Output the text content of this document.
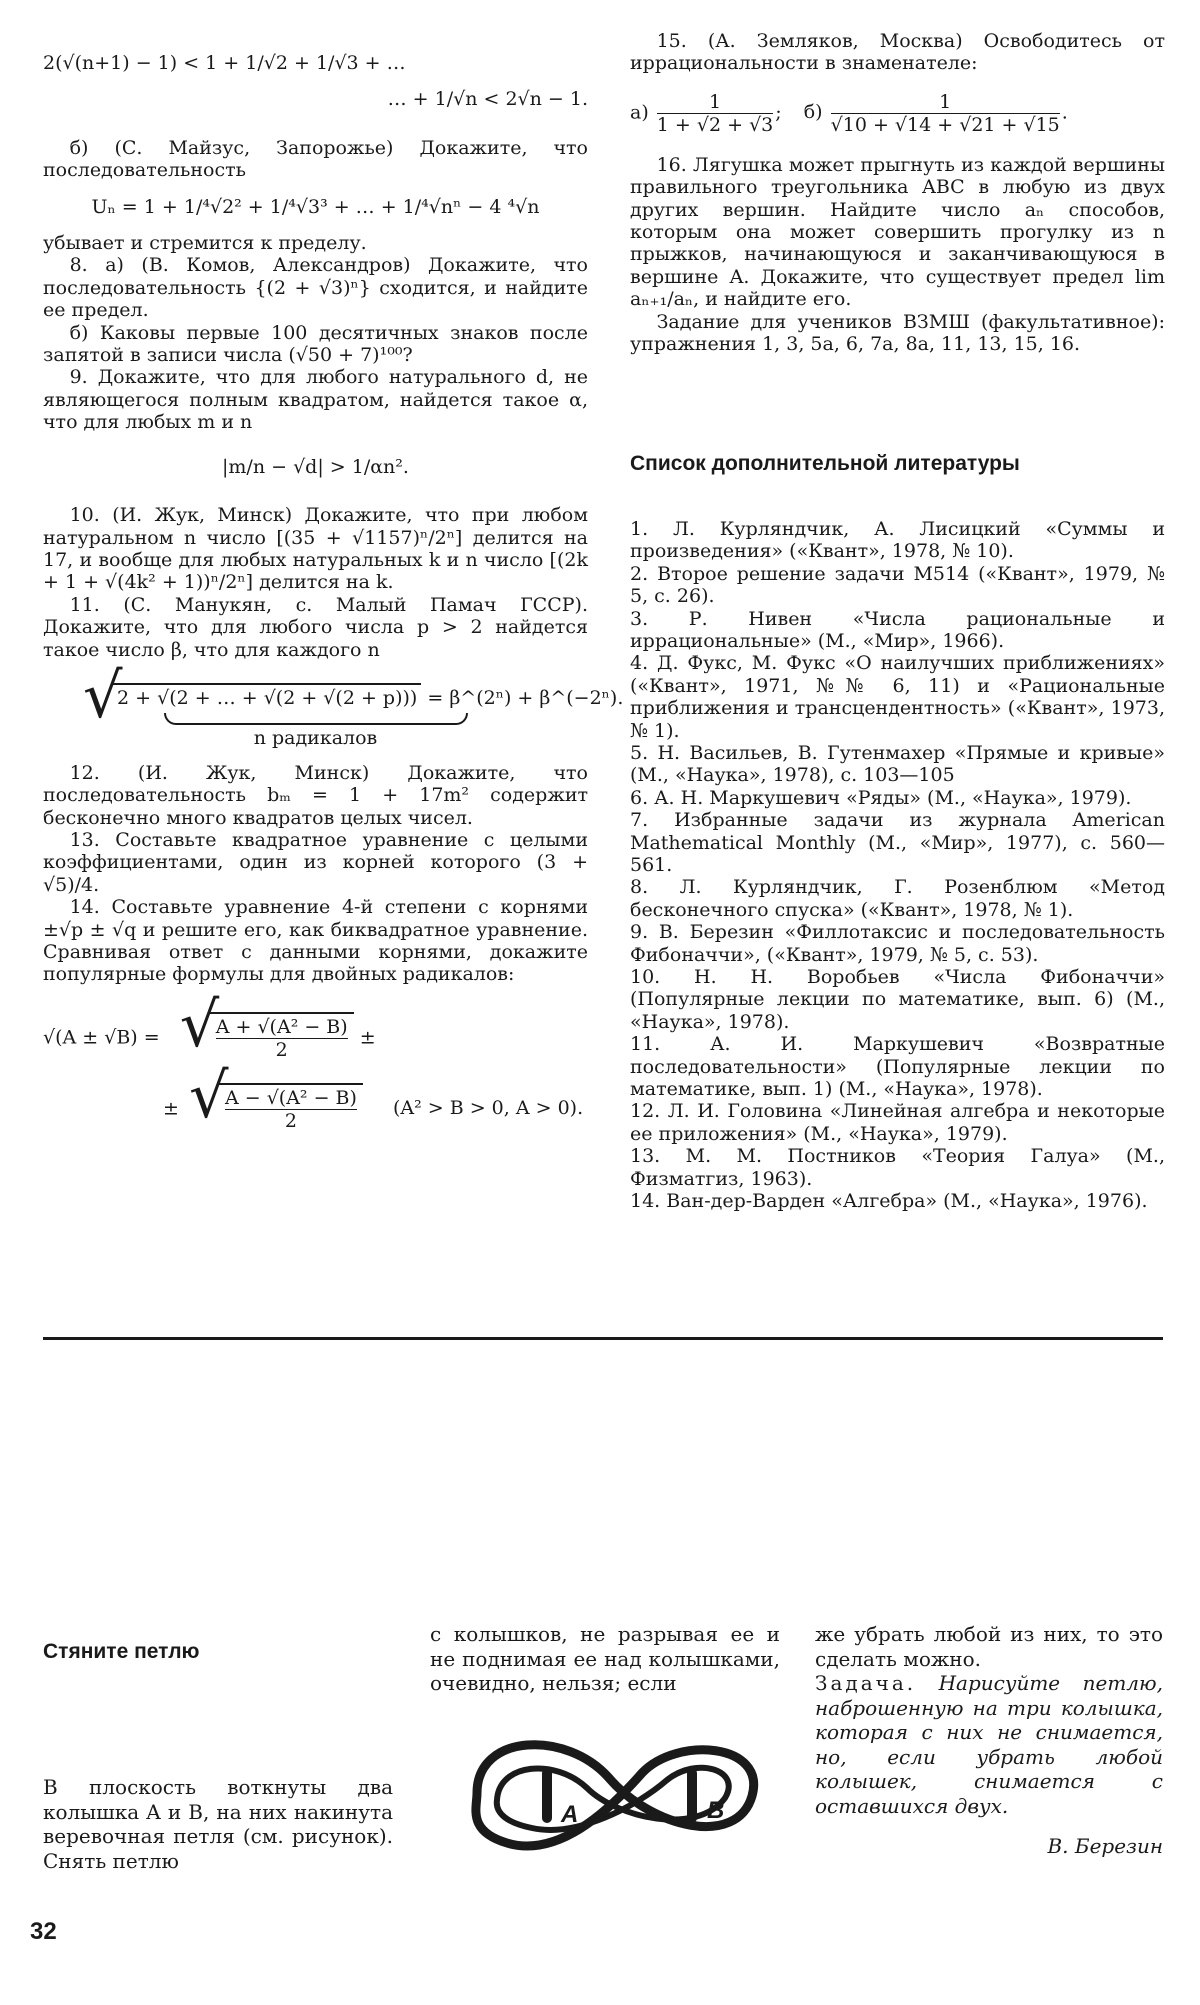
2(√(n+1) − 1) < 1 + 1/√2 + 1/√3 + …
… + 1/√n < 2√n − 1.

б) (С. Майзус, Запорожье) Докажите, что последовательность

Uₙ = 1 + 1/⁴√2² + 1/⁴√3³ + … + 1/⁴√nⁿ − 4 ⁴√n

убывает и стремится к пределу.

8. а) (В. Комов, Александров) Докажите, что последовательность {(2 + √3)ⁿ} сходится, и найдите ее предел.

б) Каковы первые 100 десятичных знаков после запятой в записи числа (√50 + 7)¹⁰⁰?

9. Докажите, что для любого натурального d, не являющегося полным квадратом, найдется такое α, что для любых m и n

|m/n − √d| > 1/αn².

10. (И. Жук, Минск) Докажите, что при любом натуральном n число [(35 + √1157)ⁿ/2ⁿ] делится на 17, и вообще для любых натуральных k и n число [(2k + 1 + √(4k² + 1))ⁿ/2ⁿ] делится на k.

11. (С. Манукян, с. Малый Памач ГССР). Докажите, что для любого числа p > 2 найдется такое число β, что для каждого n

√ 2 + √(2 + … + √(2 + √(2 + p))) = β^(2ⁿ) + β^(−2ⁿ).
n радикалов

12. (И. Жук, Минск) Докажите, что последовательность bₘ = 1 + 17m² содержит бесконечно много квадратов целых чисел.

13. Составьте квадратное уравнение с целыми коэффициентами, один из корней которого (3 + √5)/4.

14. Составьте уравнение 4-й степени с корнями ±√p ± √q и решите его, как биквадратное уравнение. Сравнивая ответ с данными корнями, докажите популярные формулы для двойных радикалов:

√(A ± √B) =	√ $\frac{\text{A + √(A² − B)}}{2}$ ±
± √ $\frac{\text{A − √(A² − B)}}{2} (A^2 > B > 0$, A > 0).

15. (А. Земляков, Москва) Освободитесь от иррациональности в знаменателе:

$а) \frac{1}{1 + √2 + √3}$ ; $б) \frac{1}{√10 + √14 + √21 + √15}$ .

16. Лягушка может прыгнуть из каждой вершины правильного треугольника ABC в любую из двух других вершин. Найдите число aₙ способов, которым она может совершить прогулку из n прыжков, начинающуюся и заканчивающуюся в вершине A. Докажите, что существует предел lim aₙ₊₁/aₙ, и найдите его.

Задание для учеников ВЗМШ (факультативное): упражнения 1, 3, 5а, 6, 7а, 8а, 11, 13, 15, 16.

Список дополнительной литературы
1. Л. Курляндчик, А. Лисицкий «Суммы и произведения» («Квант», 1978, № 10).
2. Второе решение задачи М514 («Квант», 1979, № 5, с. 26).
3. Р. Нивен «Числа рациональные и иррациональные» (М., «Мир», 1966).
4. Д. Фукс, М. Фукс «О наилучших приближениях» («Квант», 1971, №№ 6, 11) и «Рациональные приближения и трансцендентность» («Квант», 1973, № 1).
5. Н. Васильев, В. Гутенмахер «Прямые и кривые» (М., «Наука», 1978), с. 103—105
6. А. Н. Маркушевич «Ряды» (М., «Наука», 1979).
7. Избранные задачи из журнала American Mathematical Monthly (М., «Мир», 1977), с. 560—561.
8. Л. Курляндчик, Г. Розенблюм «Метод бесконечного спуска» («Квант», 1978, № 1).
9. В. Березин «Филлотаксис и последовательность Фибоначчи», («Квант», 1979, № 5, с. 53).
10. Н. Н. Воробьев «Числа Фибоначчи» (Популярные лекции по математике, вып. 6) (М., «Наука», 1978).
11. А. И. Маркушевич «Возвратные последовательности» (Популярные лекции по математике, вып. 1) (М., «Наука», 1978).
12. Л. И. Головина «Линейная алгебра и некоторые ее приложения» (М., «Наука», 1979).
13. М. М. Постников «Теория Галуа» (М., Физматгиз, 1963).
14. Ван-дер-Варден «Алгебра» (М., «Наука», 1976).
Стяните петлю

В плоскость воткнуты два колышка A и B, на них накинута веревочная петля (см. рисунок). Снять петлю

с колышков, не разрывая ее и не поднимая ее над колышками, очевидно, нельзя; если

A	B

же убрать любой из них, то это сделать можно.

Задача. Нарисуйте петлю, наброшенную на три колышка, которая с них не снимается, но, если убрать любой колышек, снимается с оставшихся двух.

В. Березин
32
